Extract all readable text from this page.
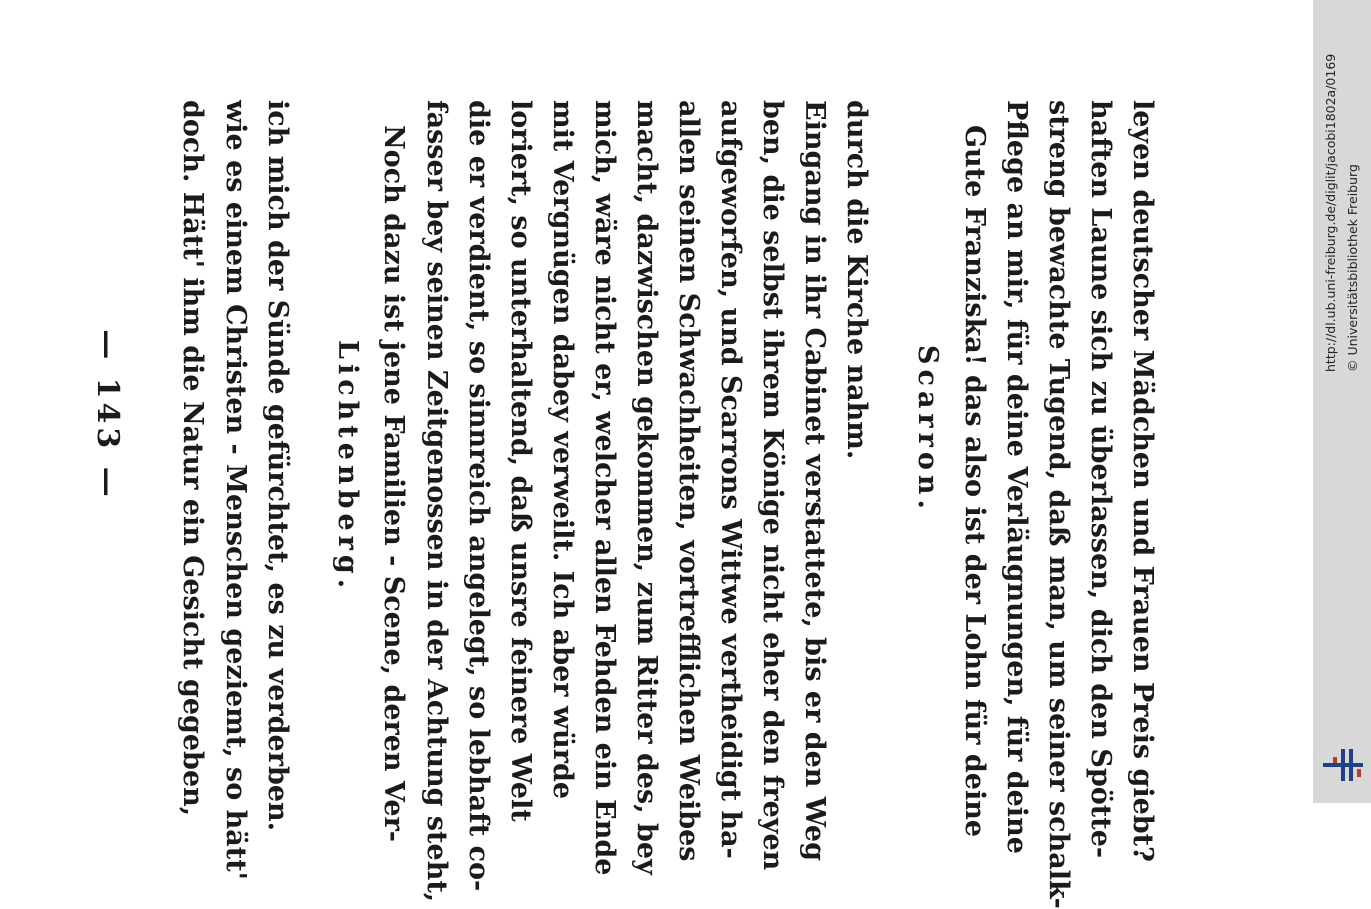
— 143 — doch. Hätt' ihm die Natur ein Gesicht gegeben, wie es einem Christen - Menschen geziemt, so hätt' ich mich der Sünde gefürchtet, es zu verderben. Lichtenberg. Noch dazu ist jene Familien - Scene, deren Ver- fasser bey seinen Zeitgenossen in der Achtung steht, die er verdient, so sinnreich angelegt, so lebhaft co- loriert, so unterhaltend, daß unsre feinere Welt mit Vergnügen dabey verweilt. Ich aber würde mich, wäre nicht er, welcher allen Fehden ein Ende macht, dazwischen gekommen, zum Ritter des, bey allen seinen Schwachheiten, vortrefflichen Weibes aufgeworfen, und Scarrons Wittwe vertheidigt ha- ben, die selbst ihrem Könige nicht eher den freyen Eingang in ihr Cabinet verstattete, bis er den Weg durch die Kirche nahm. Scarron. Gute Franziska! das also ist der Lohn für deine Pflege an mir, für deine Verläugnungen, für deine streng bewachte Tugend, daß man, um seiner schalk- haften Laune sich zu überlassen, dich den Spötte- leyen deutscher Mädchen und Frauen Preis giebt?	http://dl.ub.uni-freiburg.de/diglit/jacobi1802a/0169 © Universitätsbibliothek Freiburg
